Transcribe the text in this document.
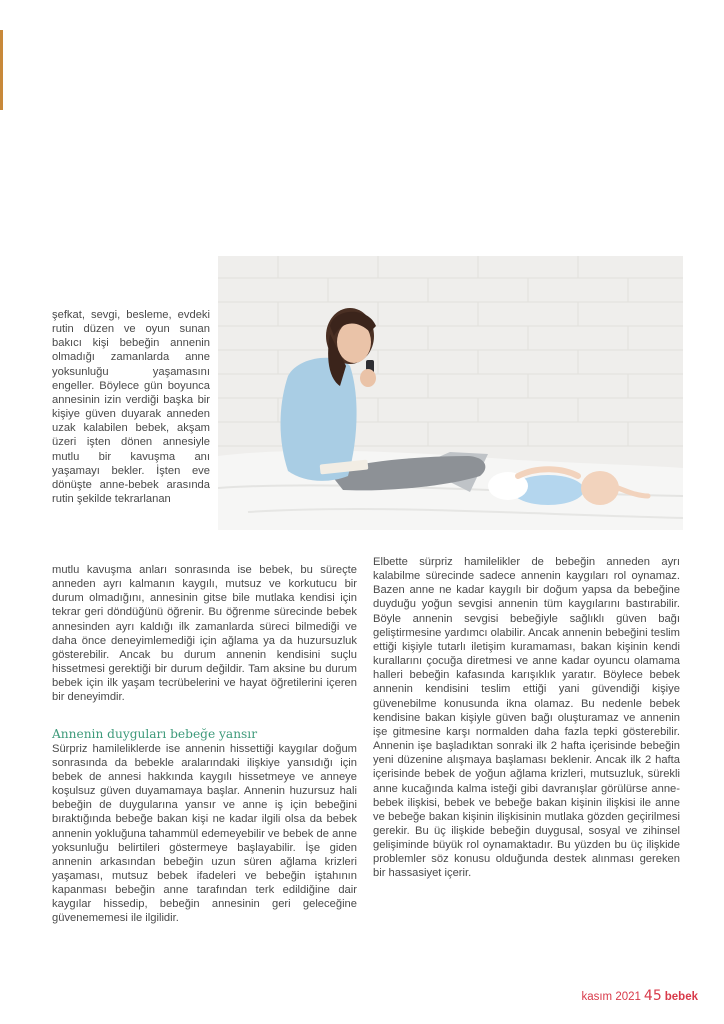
şefkat, sevgi, besleme, evdeki rutin düzen ve oyun sunan bakıcı kişi bebeğin annenin olmadığı zamanlarda anne yoksunluğu yaşamasını engeller. Böylece gün boyunca annesinin izin verdiği başka bir kişiye güven duyarak anneden uzak kalabilen bebek, akşam üzeri işten dönen annesiyle mutlu bir kavuşma anı yaşamayı bekler. İşten eve dönüşte anne-bebek arasında rutin şekilde tekrarlanan

mutlu kavuşma anları sonrasında ise bebek, bu süreçte anneden ayrı kalmanın kaygılı, mutsuz ve korkutucu bir durum olmadığını, annesinin gitse bile mutlaka kendisi için tekrar geri döndüğünü öğrenir. Bu öğrenme sürecinde bebek annesinden ayrı kaldığı ilk zamanlarda süreci bilmediği ve daha önce deneyimlemediği için ağlama ya da huzursuzluk gösterebilir. Ancak bu durum annenin kendisini suçlu hissetmesi gerektiği bir durum değildir. Tam aksine bu durum bebek için ilk yaşam tecrübelerini ve hayat öğretilerini içeren bir deneyimdir.

Annenin duyguları bebeğe yansır

Sürpriz hamileliklerde ise annenin hissettiği kaygılar doğum sonrasında da bebekle aralarındaki ilişkiye yansıdığı için bebek de annesi hakkında kaygılı hissetmeye ve anneye koşulsuz güven duyamamaya başlar. Annenin huzursuz hali bebeğin de duygularına yansır ve anne iş için bebeğini bıraktığında bebeğe bakan kişi ne kadar ilgili olsa da bebek annenin yokluğuna tahammül edemeyebilir ve bebek de anne yoksunluğu belirtileri göstermeye başlayabilir. İşe giden annenin arkasından bebeğin uzun süren ağlama krizleri yaşaması, mutsuz bebek ifadeleri ve bebeğin iştahının kapanması bebeğin anne tarafından terk edildiğine dair kaygılar hissedip, bebeğin annesinin geri geleceğine güvenememesi ile ilgilidir.

Elbette sürpriz hamilelikler de bebeğin anneden ayrı kalabilme sürecinde sadece annenin kaygıları rol oynamaz. Bazen anne ne kadar kaygılı bir doğum yapsa da bebeğine duyduğu yoğun sevgisi annenin tüm kaygılarını bastırabilir. Böyle annenin sevgisi bebeğiyle sağlıklı güven bağı geliştirmesine yardımcı olabilir. Ancak annenin bebeğini teslim ettiği kişiyle tutarlı iletişim kuramaması, bakan kişinin kendi kurallarını çocuğa diretmesi ve anne kadar oyuncu olamama halleri bebeğin kafasında karışıklık yaratır. Böylece bebek annenin kendisini teslim ettiği yani güvendiği kişiye güvenebilme konusunda ikna olamaz. Bu nedenle bebek kendisine bakan kişiyle güven bağı oluşturamaz ve annenin işe gitmesine karşı normalden daha fazla tepki gösterebilir. Annenin işe başladıktan sonraki ilk 2 hafta içerisinde bebeğin yeni düzenine alışmaya başlaması beklenir. Ancak ilk 2 hafta içerisinde bebek de yoğun ağlama krizleri, mutsuzluk, sürekli anne kucağında kalma isteği gibi davranışlar görülürse anne-bebek ilişkisi, bebek ve bebeğe bakan kişinin ilişkisi ile anne ve bebeğe bakan kişinin ilişkisinin mutlaka gözden geçirilmesi gerekir. Bu üç ilişkide bebeğin duygusal, sosyal ve zihinsel gelişiminde büyük rol oynamaktadır. Bu yüzden bu üç ilişkide problemler söz konusu olduğunda destek alınması gereken bir hassasiyet içerir.

kasım 2021 45 bebek
